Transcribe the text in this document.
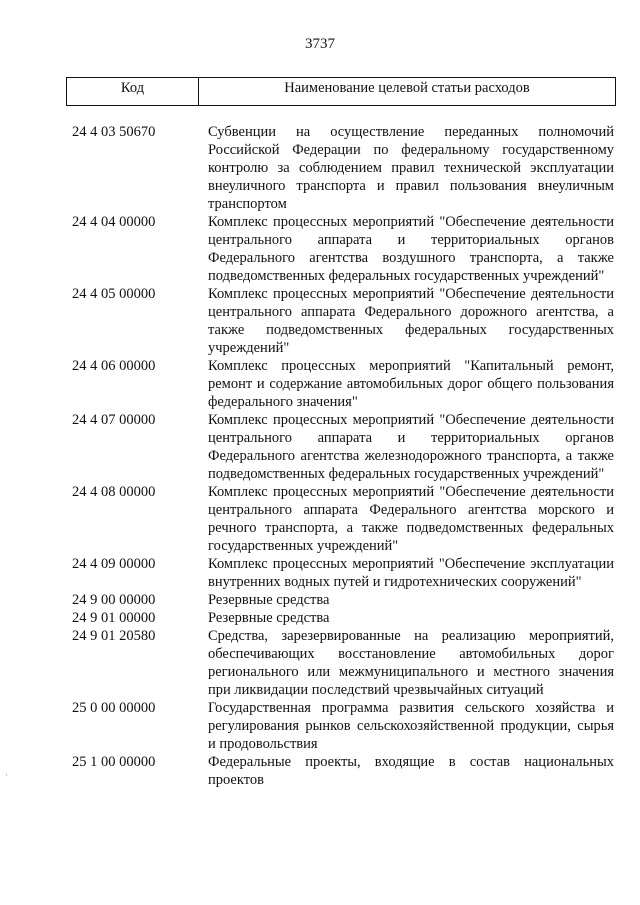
3737
Код	Наименование целевой статьи расходов
24 4 03 50670	Субвенции на осуществление переданных полномочий Российской Федерации по федеральному государственному контролю за соблюдением правил технической эксплуатации внеуличного транспорта и правил пользования внеуличным транспортом
24 4 04 00000	Комплекс процессных мероприятий "Обеспечение деятельности центрального аппарата и территориальных органов Федерального агентства воздушного транспорта, а также подведомственных федеральных государственных учреждений"
24 4 05 00000	Комплекс процессных мероприятий "Обеспечение деятельности центрального аппарата Федерального дорожного агентства, а также подведомственных федеральных государственных учреждений"
24 4 06 00000	Комплекс процессных мероприятий "Капитальный ремонт, ремонт и содержание автомобильных дорог общего пользования федерального значения"
24 4 07 00000	Комплекс процессных мероприятий "Обеспечение деятельности центрального аппарата и территориальных органов Федерального агентства железнодорожного транспорта, а также подведомственных федеральных государственных учреждений"
24 4 08 00000	Комплекс процессных мероприятий "Обеспечение деятельности центрального аппарата Федерального агентства морского и речного транспорта, а также подведомственных федеральных государственных учреждений"
24 4 09 00000	Комплекс процессных мероприятий "Обеспечение эксплуатации внутренних водных путей и гидротехнических сооружений"
24 9 00 00000	Резервные средства
24 9 01 00000	Резервные средства
24 9 01 20580	Средства, зарезервированные на реализацию мероприятий, обеспечивающих восстановление автомобильных дорог регионального или межмуниципального и местного значения при ликвидации последствий чрезвычайных ситуаций
25 0 00 00000	Государственная программа развития сельского хозяйства и регулирования рынков сельскохозяйственной продукции, сырья и продовольствия
25 1 00 00000	Федеральные проекты, входящие в состав национальных проектов
·
